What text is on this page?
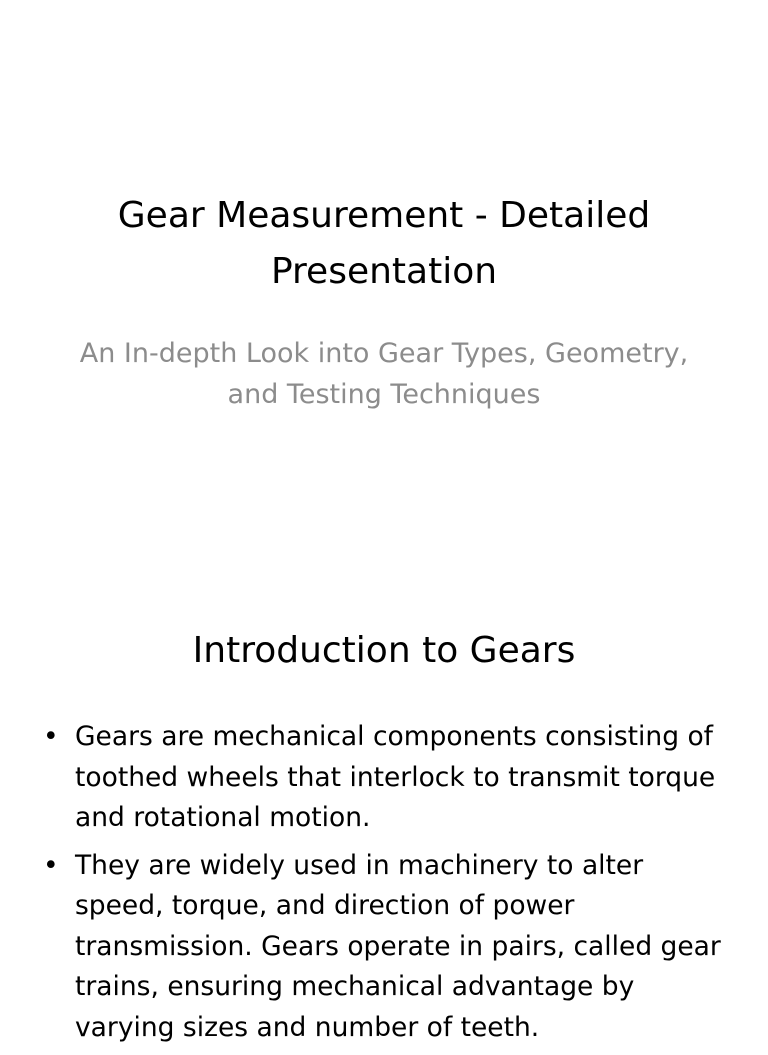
Gear Measurement - Detailed Presentation

An In-depth Look into Gear Types, Geometry, and Testing Techniques

Introduction to Gears
• Gears are mechanical components consisting of toothed wheels that interlock to transmit torque and rotational motion.
• They are widely used in machinery to alter speed, torque, and direction of power transmission. Gears operate in pairs, called gear trains, ensuring mechanical advantage by varying sizes and number of teeth.
